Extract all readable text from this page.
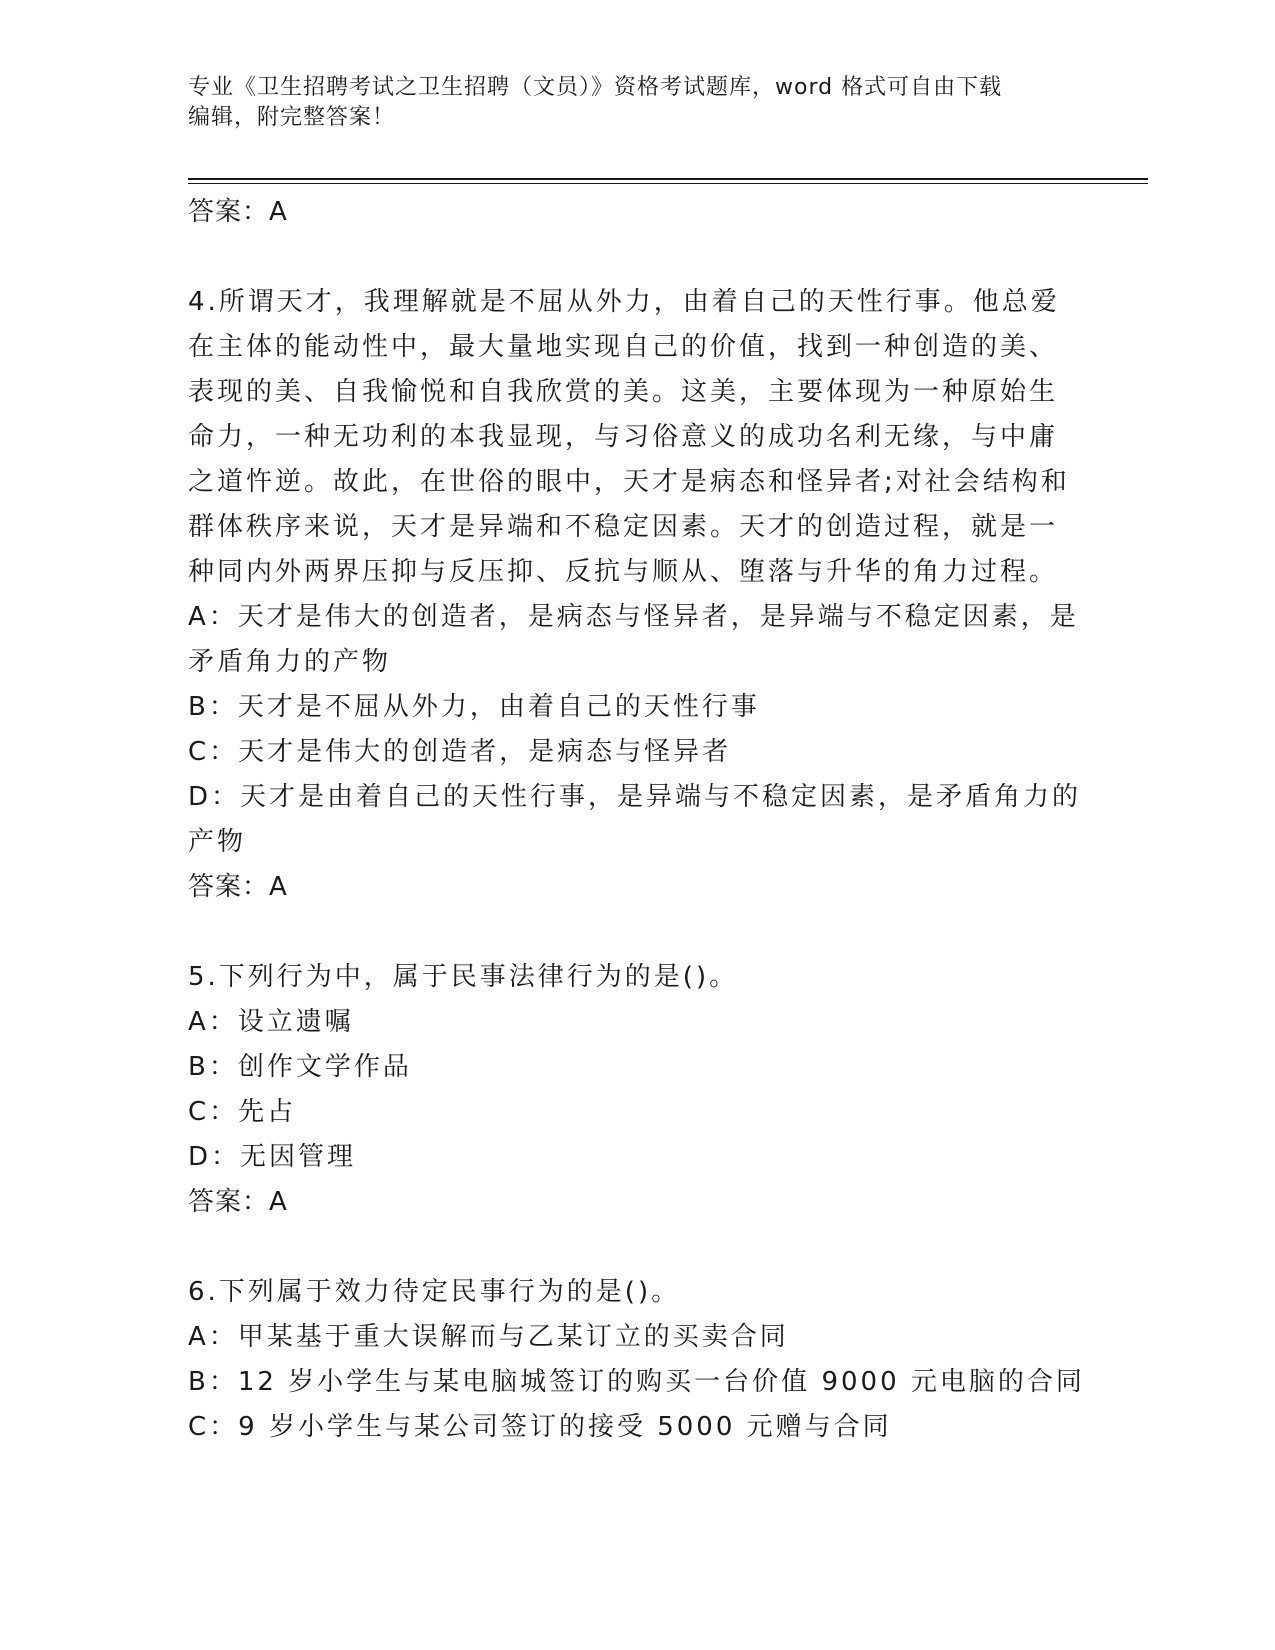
专业《卫生招聘考试之卫生招聘（文员）》资格考试题库，word 格式可自由下载
编辑，附完整答案！
答案：A
4.所谓天才，我理解就是不屈从外力，由着自己的天性行事。他总爱
在主体的能动性中，最大量地实现自己的价值，找到一种创造的美、
表现的美、自我愉悦和自我欣赏的美。这美，主要体现为一种原始生
命力，一种无功利的本我显现，与习俗意义的成功名利无缘，与中庸
之道忤逆。故此，在世俗的眼中，天才是病态和怪异者;对社会结构和
群体秩序来说，天才是异端和不稳定因素。天才的创造过程，就是一
种同内外两界压抑与反压抑、反抗与顺从、堕落与升华的角力过程。
A：天才是伟大的创造者，是病态与怪异者，是异端与不稳定因素，是
矛盾角力的产物
B：天才是不屈从外力，由着自己的天性行事
C：天才是伟大的创造者，是病态与怪异者
D：天才是由着自己的天性行事，是异端与不稳定因素，是矛盾角力的
产物
答案：A
5.下列行为中，属于民事法律行为的是()。
A：设立遗嘱
B：创作文学作品
C：先占
D：无因管理
答案：A
6.下列属于效力待定民事行为的是()。
A：甲某基于重大误解而与乙某订立的买卖合同
B：12 岁小学生与某电脑城签订的购买一台价值 9000 元电脑的合同
C：9 岁小学生与某公司签订的接受 5000 元赠与合同
